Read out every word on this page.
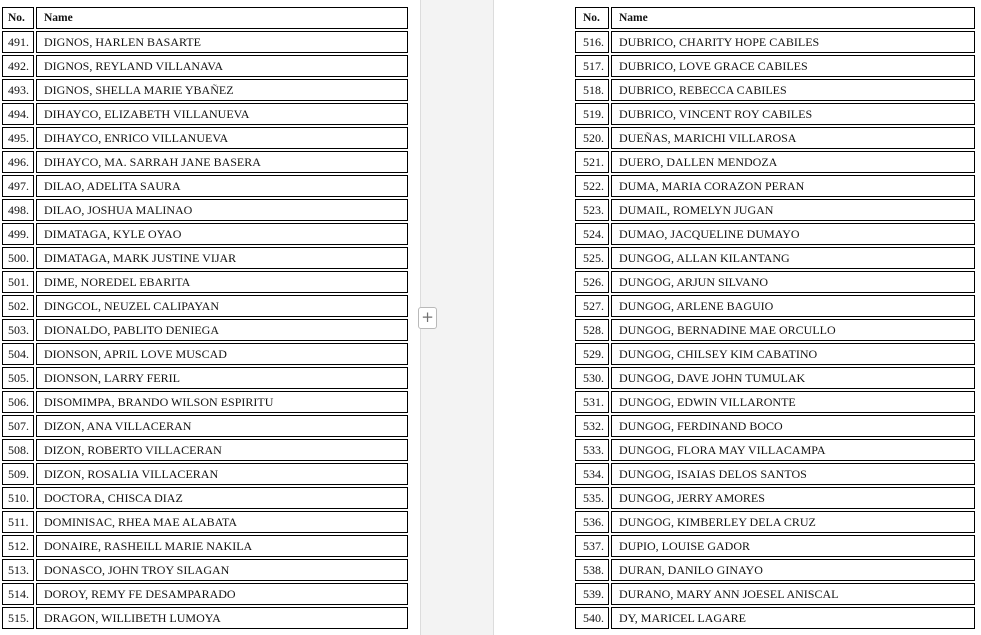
No.	Name
491.	DIGNOS, HARLEN BASARTE
492.	DIGNOS, REYLAND VILLANAVA
493.	DIGNOS, SHELLA MARIE YBAÑEZ
494.	DIHAYCO, ELIZABETH VILLANUEVA
495.	DIHAYCO, ENRICO VILLANUEVA
496.	DIHAYCO, MA. SARRAH JANE BASERA
497.	DILAO, ADELITA SAURA
498.	DILAO, JOSHUA MALINAO
499.	DIMATAGA, KYLE OYAO
500.	DIMATAGA, MARK JUSTINE VIJAR
501.	DIME, NOREDEL EBARITA
502.	DINGCOL, NEUZEL CALIPAYAN
503.	DIONALDO, PABLITO DENIEGA
504.	DIONSON, APRIL LOVE MUSCAD
505.	DIONSON, LARRY FERIL
506.	DISOMIMPA, BRANDO WILSON ESPIRITU
507.	DIZON, ANA VILLACERAN
508.	DIZON, ROBERTO VILLACERAN
509.	DIZON, ROSALIA VILLACERAN
510.	DOCTORA, CHISCA DIAZ
511.	DOMINISAC, RHEA MAE ALABATA
512.	DONAIRE, RASHEILL MARIE NAKILA
513.	DONASCO, JOHN TROY SILAGAN
514.	DOROY, REMY FE DESAMPARADO
515.	DRAGON, WILLIBETH LUMOYA
No.	Name
516.	DUBRICO, CHARITY HOPE CABILES
517.	DUBRICO, LOVE GRACE CABILES
518.	DUBRICO, REBECCA CABILES
519.	DUBRICO, VINCENT ROY CABILES
520.	DUEÑAS, MARICHI VILLAROSA
521.	DUERO, DALLEN MENDOZA
522.	DUMA, MARIA CORAZON PERAN
523.	DUMAIL, ROMELYN JUGAN
524.	DUMAO, JACQUELINE DUMAYO
525.	DUNGOG, ALLAN KILANTANG
526.	DUNGOG, ARJUN SILVANO
527.	DUNGOG, ARLENE BAGUIO
528.	DUNGOG, BERNADINE MAE ORCULLO
529.	DUNGOG, CHILSEY KIM CABATINO
530.	DUNGOG, DAVE JOHN TUMULAK
531.	DUNGOG, EDWIN VILLARONTE
532.	DUNGOG, FERDINAND BOCO
533.	DUNGOG, FLORA MAY VILLACAMPA
534.	DUNGOG, ISAIAS DELOS SANTOS
535.	DUNGOG, JERRY AMORES
536.	DUNGOG, KIMBERLEY DELA CRUZ
537.	DUPIO, LOUISE GADOR
538.	DURAN, DANILO GINAYO
539.	DURANO, MARY ANN JOESEL ANISCAL
540.	DY, MARICEL LAGARE
+
